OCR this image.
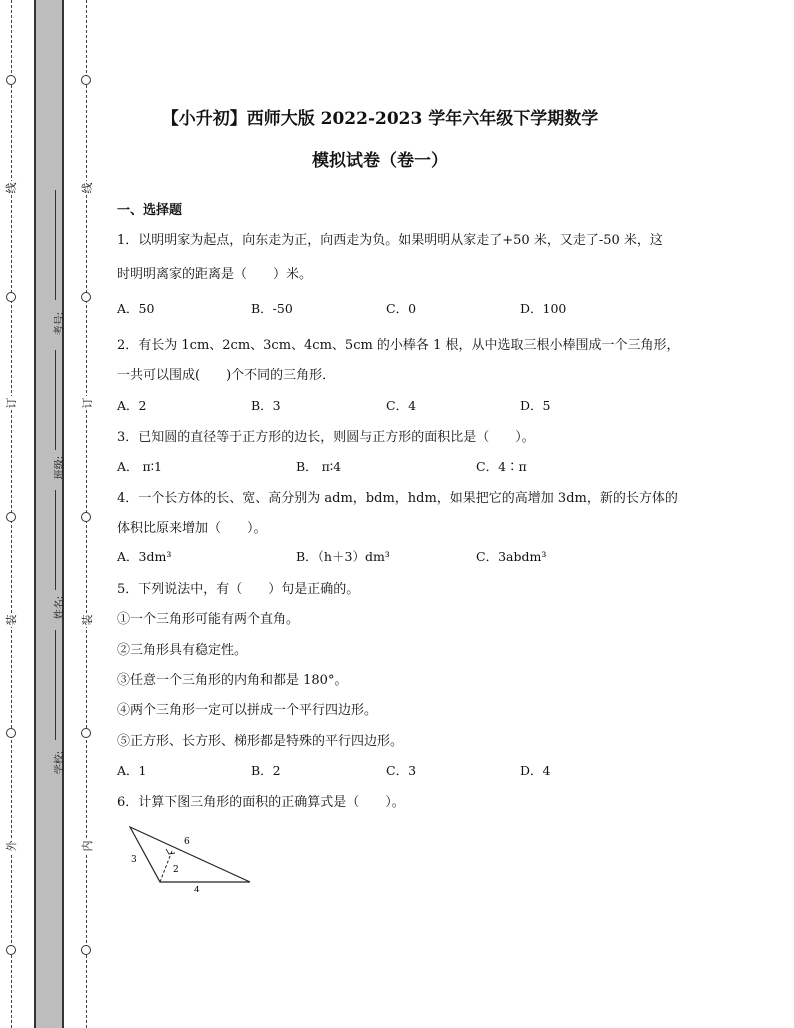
线
订
装
外
线
订
装
内
考号:
班级:
姓名:
学校:
【小升初】西师大版 2022-2023 学年六年级下学期数学
模拟试卷（卷一）
一、选择题
1．以明明家为起点，向东走为正，向西走为负。如果明明从家走了+50 米，又走了-50 米，这
时明明离家的距离是（　　）米。
A．50	B．-50	C．0	D．100
2．有长为 1cm、2cm、3cm、4cm、5cm 的小棒各 1 根，从中选取三根小棒围成一个三角形，
一共可以围成(　　)个不同的三角形．
A．2	B．3	C．4	D．5
3．已知圆的直径等于正方形的边长，则圆与正方形的面积比是（　　）。
A． π∶1	B． π∶4	C．4∶π
4．一个长方体的长、宽、高分别为 adm，bdm，hdm，如果把它的高增加 3dm，新的长方体的
体积比原来增加（　　）。
A．3dm³	B．（h＋3）dm³	C．3abdm³
5．下列说法中，有（　　）句是正确的。
①一个三角形可能有两个直角。
②三角形具有稳定性。
③任意一个三角形的内角和都是 180°。
④两个三角形一定可以拼成一个平行四边形。
⑤正方形、长方形、梯形都是特殊的平行四边形。
A．1	B．2	C．3	D．4
6．计算下图三角形的面积的正确算式是（　　）。
3
6
2
4
